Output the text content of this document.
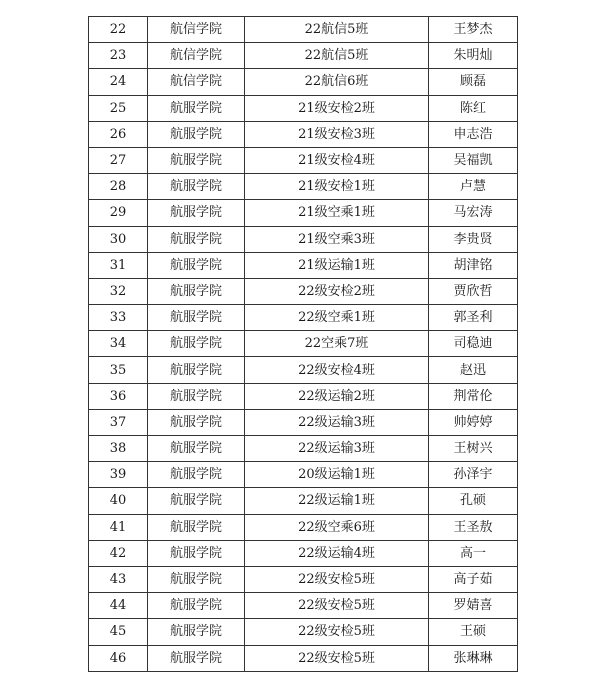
22	航信学院	22航信5班	王梦杰
23	航信学院	22航信5班	朱明灿
24	航信学院	22航信6班	顾磊
25	航服学院	21级安检2班	陈红
26	航服学院	21级安检3班	申志浩
27	航服学院	21级安检4班	吴福凯
28	航服学院	21级安检1班	卢慧
29	航服学院	21级空乘1班	马宏涛
30	航服学院	21级空乘3班	李贵贤
31	航服学院	21级运输1班	胡津铭
32	航服学院	22级安检2班	贾欣哲
33	航服学院	22级空乘1班	郭圣利
34	航服学院	22空乘7班	司稳迪
35	航服学院	22级安检4班	赵迅
36	航服学院	22级运输2班	荆常伦
37	航服学院	22级运输3班	帅婷婷
38	航服学院	22级运输3班	王树兴
39	航服学院	20级运输1班	孙泽宇
40	航服学院	22级运输1班	孔硕
41	航服学院	22级空乘6班	王圣敖
42	航服学院	22级运输4班	高一
43	航服学院	22级安检5班	高子茹
44	航服学院	22级安检5班	罗婧喜
45	航服学院	22级安检5班	王硕
46	航服学院	22级安检5班	张琳琳
